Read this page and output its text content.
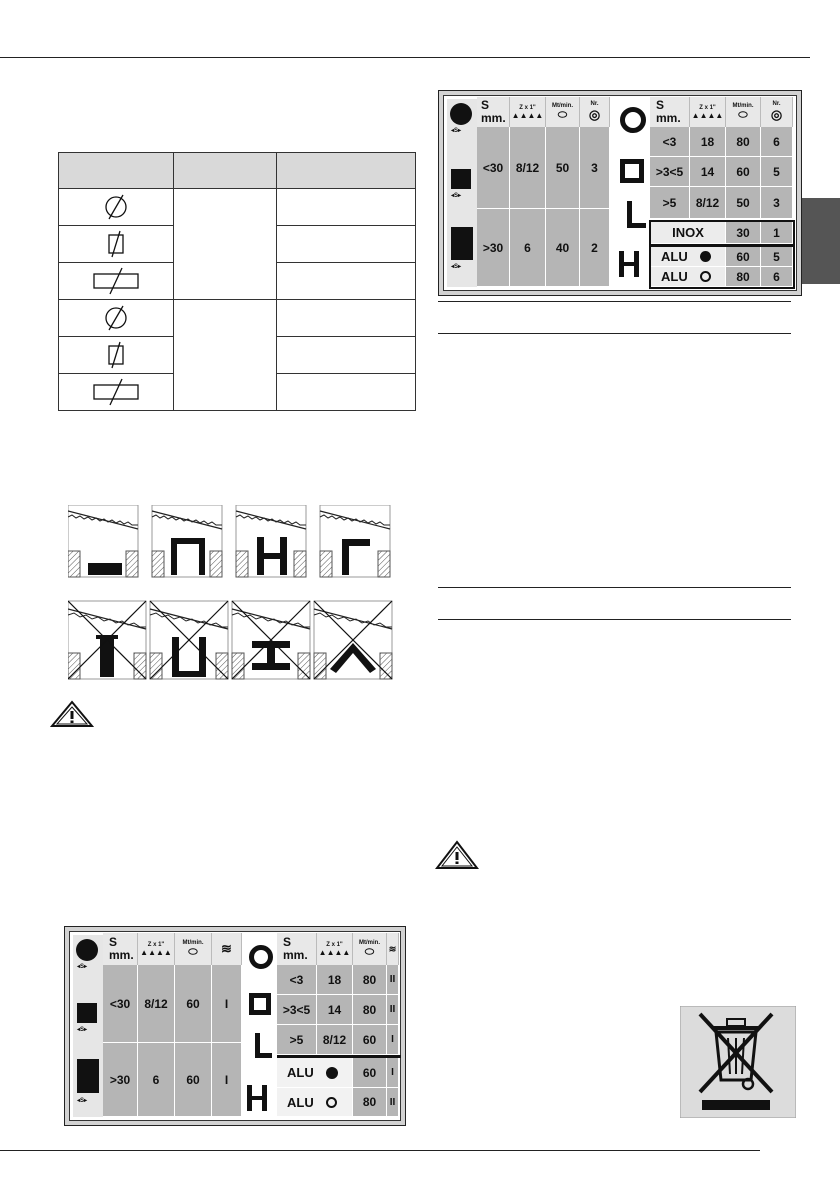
◂S▸
◂S▸
◂S▸
S
mm.
Z x 1"
▲▲▲▲
Mt/min.
⬭
Nr.
◎
<30	8/12	50	3
>30	6	40	2
S
mm.
Z x 1"
▲▲▲▲
Mt/min.
⬭
Nr.
◎
<3	18	80	6
>3<5	14	60	5
>5	8/12	50	3
INOX	30	1
ALU	60	5
ALU	80	6
◂S▸
◂S▸
◂S▸
S
mm.
Z x 1"
▲▲▲▲
Mt/min.
⬭ ≋
<30	8/12	60	I
>30	6	60	I
S
mm.
Z x 1"
▲▲▲▲
Mt/min.
⬭ ≋
<3	18	80	II
>3<5	14	80	II
>5	8/12	60	I
ALU	60	I
ALU	80	II
